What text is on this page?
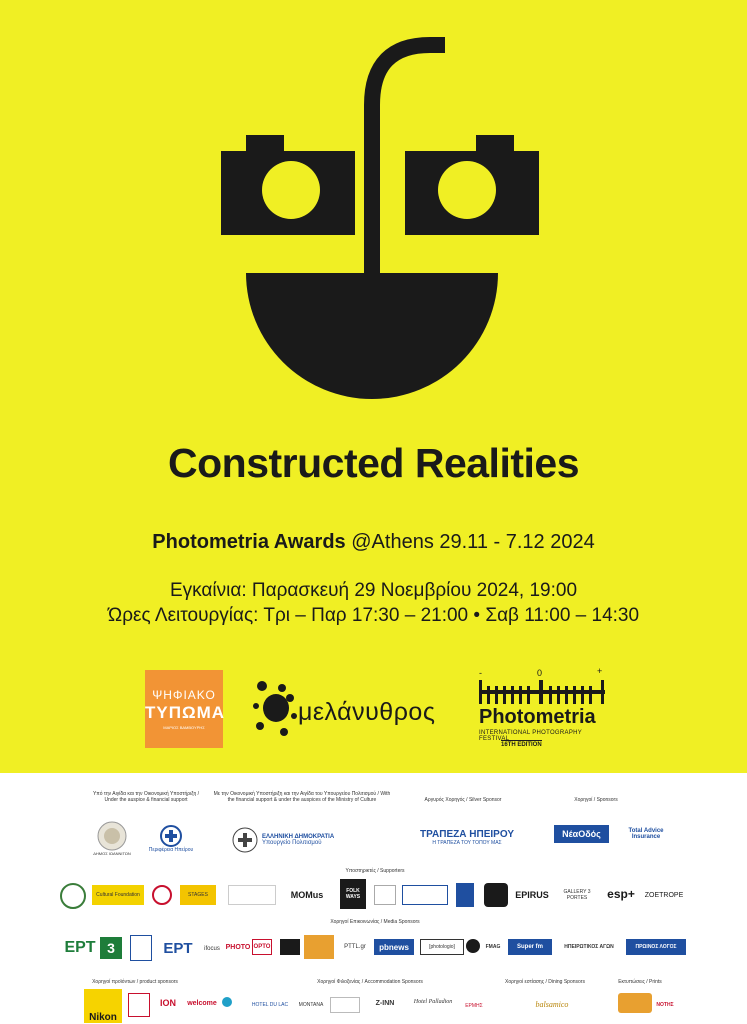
Constructed Realities
Photometria Awards @Athens 29.11 - 7.12 2024
Εγκαίνια: Παρασκευή 29 Νοεμβρίου 2024, 19:00
Ώρες Λειτουργίας: Τρι – Παρ 17:30 – 21:00 • Σαβ 11:00 – 14:30
ΨΗΦΙΑΚΟ
ΤΥΠΩΜΑ
ΜΑΡΙΟΣ ΒΑΜΒΟΥΡΗΣ
μελάνυθρος
-	0	+
Photometria
INTERNATIONAL PHOTOGRAPHY FESTIVAL
16TH EDITION
Υπό την Αιγίδα και την Οικονομική Υποστήριξη / Under the auspice & financial support
Με την Οικονομική Υποστήριξη και την Αιγίδα του Υπουργείου Πολιτισμού / With the financial support & under the auspices of the Ministry of Culture	Αργυρός Χορηγός / Silver Sponsor	Χορηγοί / Sponsors
ΔΗΜΟΣ ΙΩΑΝΝΙΤΩΝ	Περιφέρεια Ηπείρου
ΕΛΛΗΝΙΚΗ ΔΗΜΟΚΡΑΤΙΑ
Υπουργείο Πολιτισμού
ΤΡΑΠΕΖΑ ΗΠΕΙΡΟΥ
Η ΤΡΑΠΕΖΑ ΤΟΥ ΤΟΠΟΥ ΜΑΣ
ΝέαΟδός	Total Advice Insurance
Υποστηρικτές / Supporters
Cultural Foundation	STAGES	MOMus	FOLK WAYS	EPIRUS	GALLERY 3 PORTES	esp+	ZOETROPE
Χορηγοί Επικοινωνίας / Media Sponsors
ΕΡΤ 3	ΕΡΤ	ifocus PHOTO ΟΡΤΟ	PTTL.gr	pbnews	[photologio]	FMAG	Super fm	ΗΠΕΙΡΩΤΙΚΟΣ ΑΓΩΝ	ΠΡΩΙΝΟΣ ΛΟΓΟΣ
Χορηγοί προϊόντων / product sponsors	Χορηγοί Φιλοξενίας / Accommodation Sponsors	Χορηγοί εστίασης / Dining Sponsors	Εκτυπώσεις / Prints
Nikon
ΙΟΝ	welcome	HOTEL DU LAC	MONTANA	Z-INN	Hotel Palladion
ΕΡΜΗΣ	balsamico	ΝΟΤΗΣ
